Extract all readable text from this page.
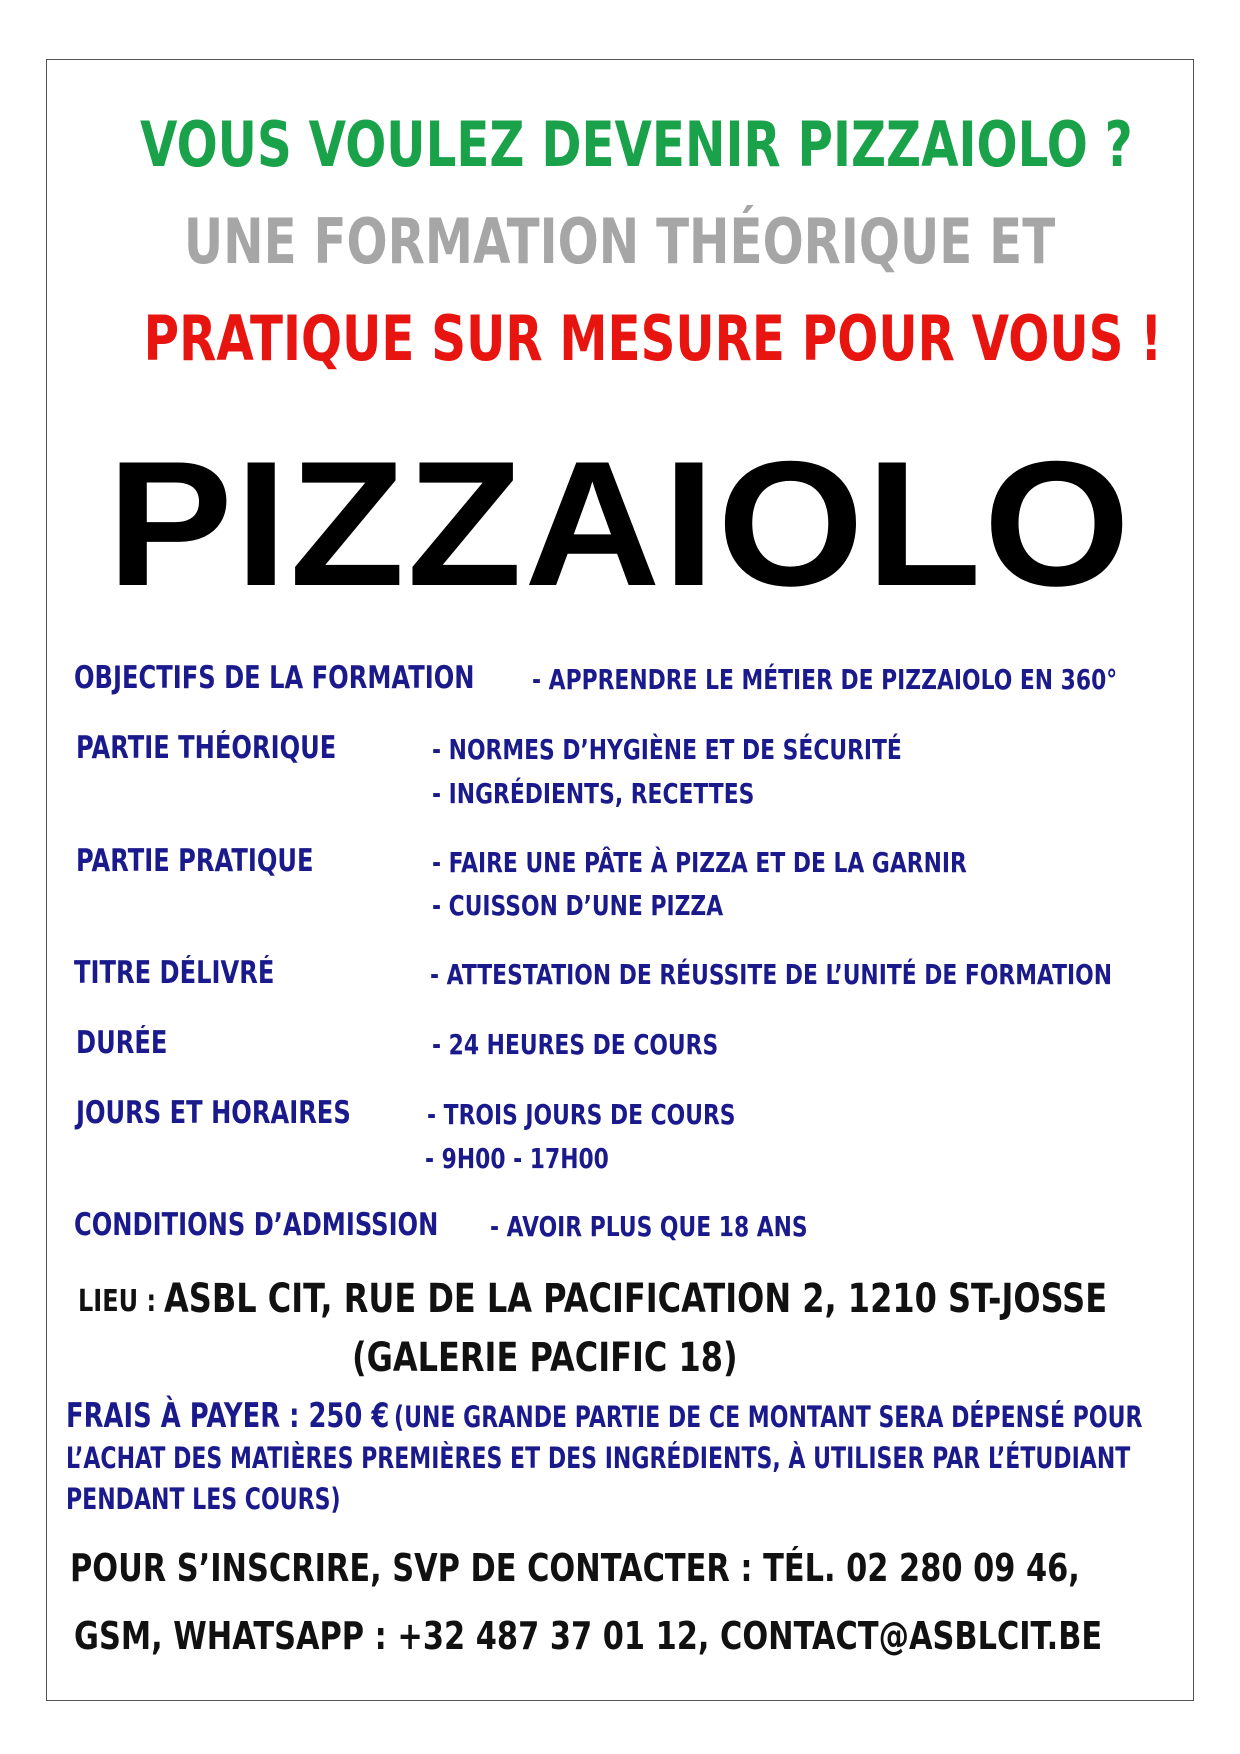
VOUS VOULEZ DEVENIR PIZZAIOLO ?
UNE FORMATION THÉORIQUE ET
PRATIQUE SUR MESURE POUR VOUS !
PIZZAIOLO
OBJECTIFS DE LA FORMATION - APPRENDRE LE MÉTIER DE PIZZAIOLO EN 360°
PARTIE THÉORIQUE	- NORMES D’HYGIÈNE ET DE SÉCURITÉ
- INGRÉDIENTS, RECETTES
PARTIE PRATIQUE	- FAIRE UNE PÂTE À PIZZA ET DE LA GARNIR
- CUISSON D’UNE PIZZA
TITRE DÉLIVRÉ	- ATTESTATION DE RÉUSSITE DE L’UNITÉ DE FORMATION
DURÉE	- 24 HEURES DE COURS
JOURS ET HORAIRES	- TROIS JOURS DE COURS
- 9H00 - 17H00
CONDITIONS D’ADMISSION - AVOIR PLUS QUE 18 ANS
LIEU : ASBL CIT, RUE DE LA PACIFICATION 2, 1210 ST-JOSSE
(GALERIE PACIFIC 18)
FRAIS À PAYER : 250 € (UNE GRANDE PARTIE DE CE MONTANT SERA DÉPENSÉ POUR
L’ACHAT DES MATIÈRES PREMIÈRES ET DES INGRÉDIENTS, À UTILISER PAR L’ÉTUDIANT
PENDANT LES COURS)
POUR S’INSCRIRE, SVP DE CONTACTER : TÉL. 02 280 09 46,
GSM, WHATSAPP : +32 487 37 01 12, CONTACT@ASBLCIT.BE
